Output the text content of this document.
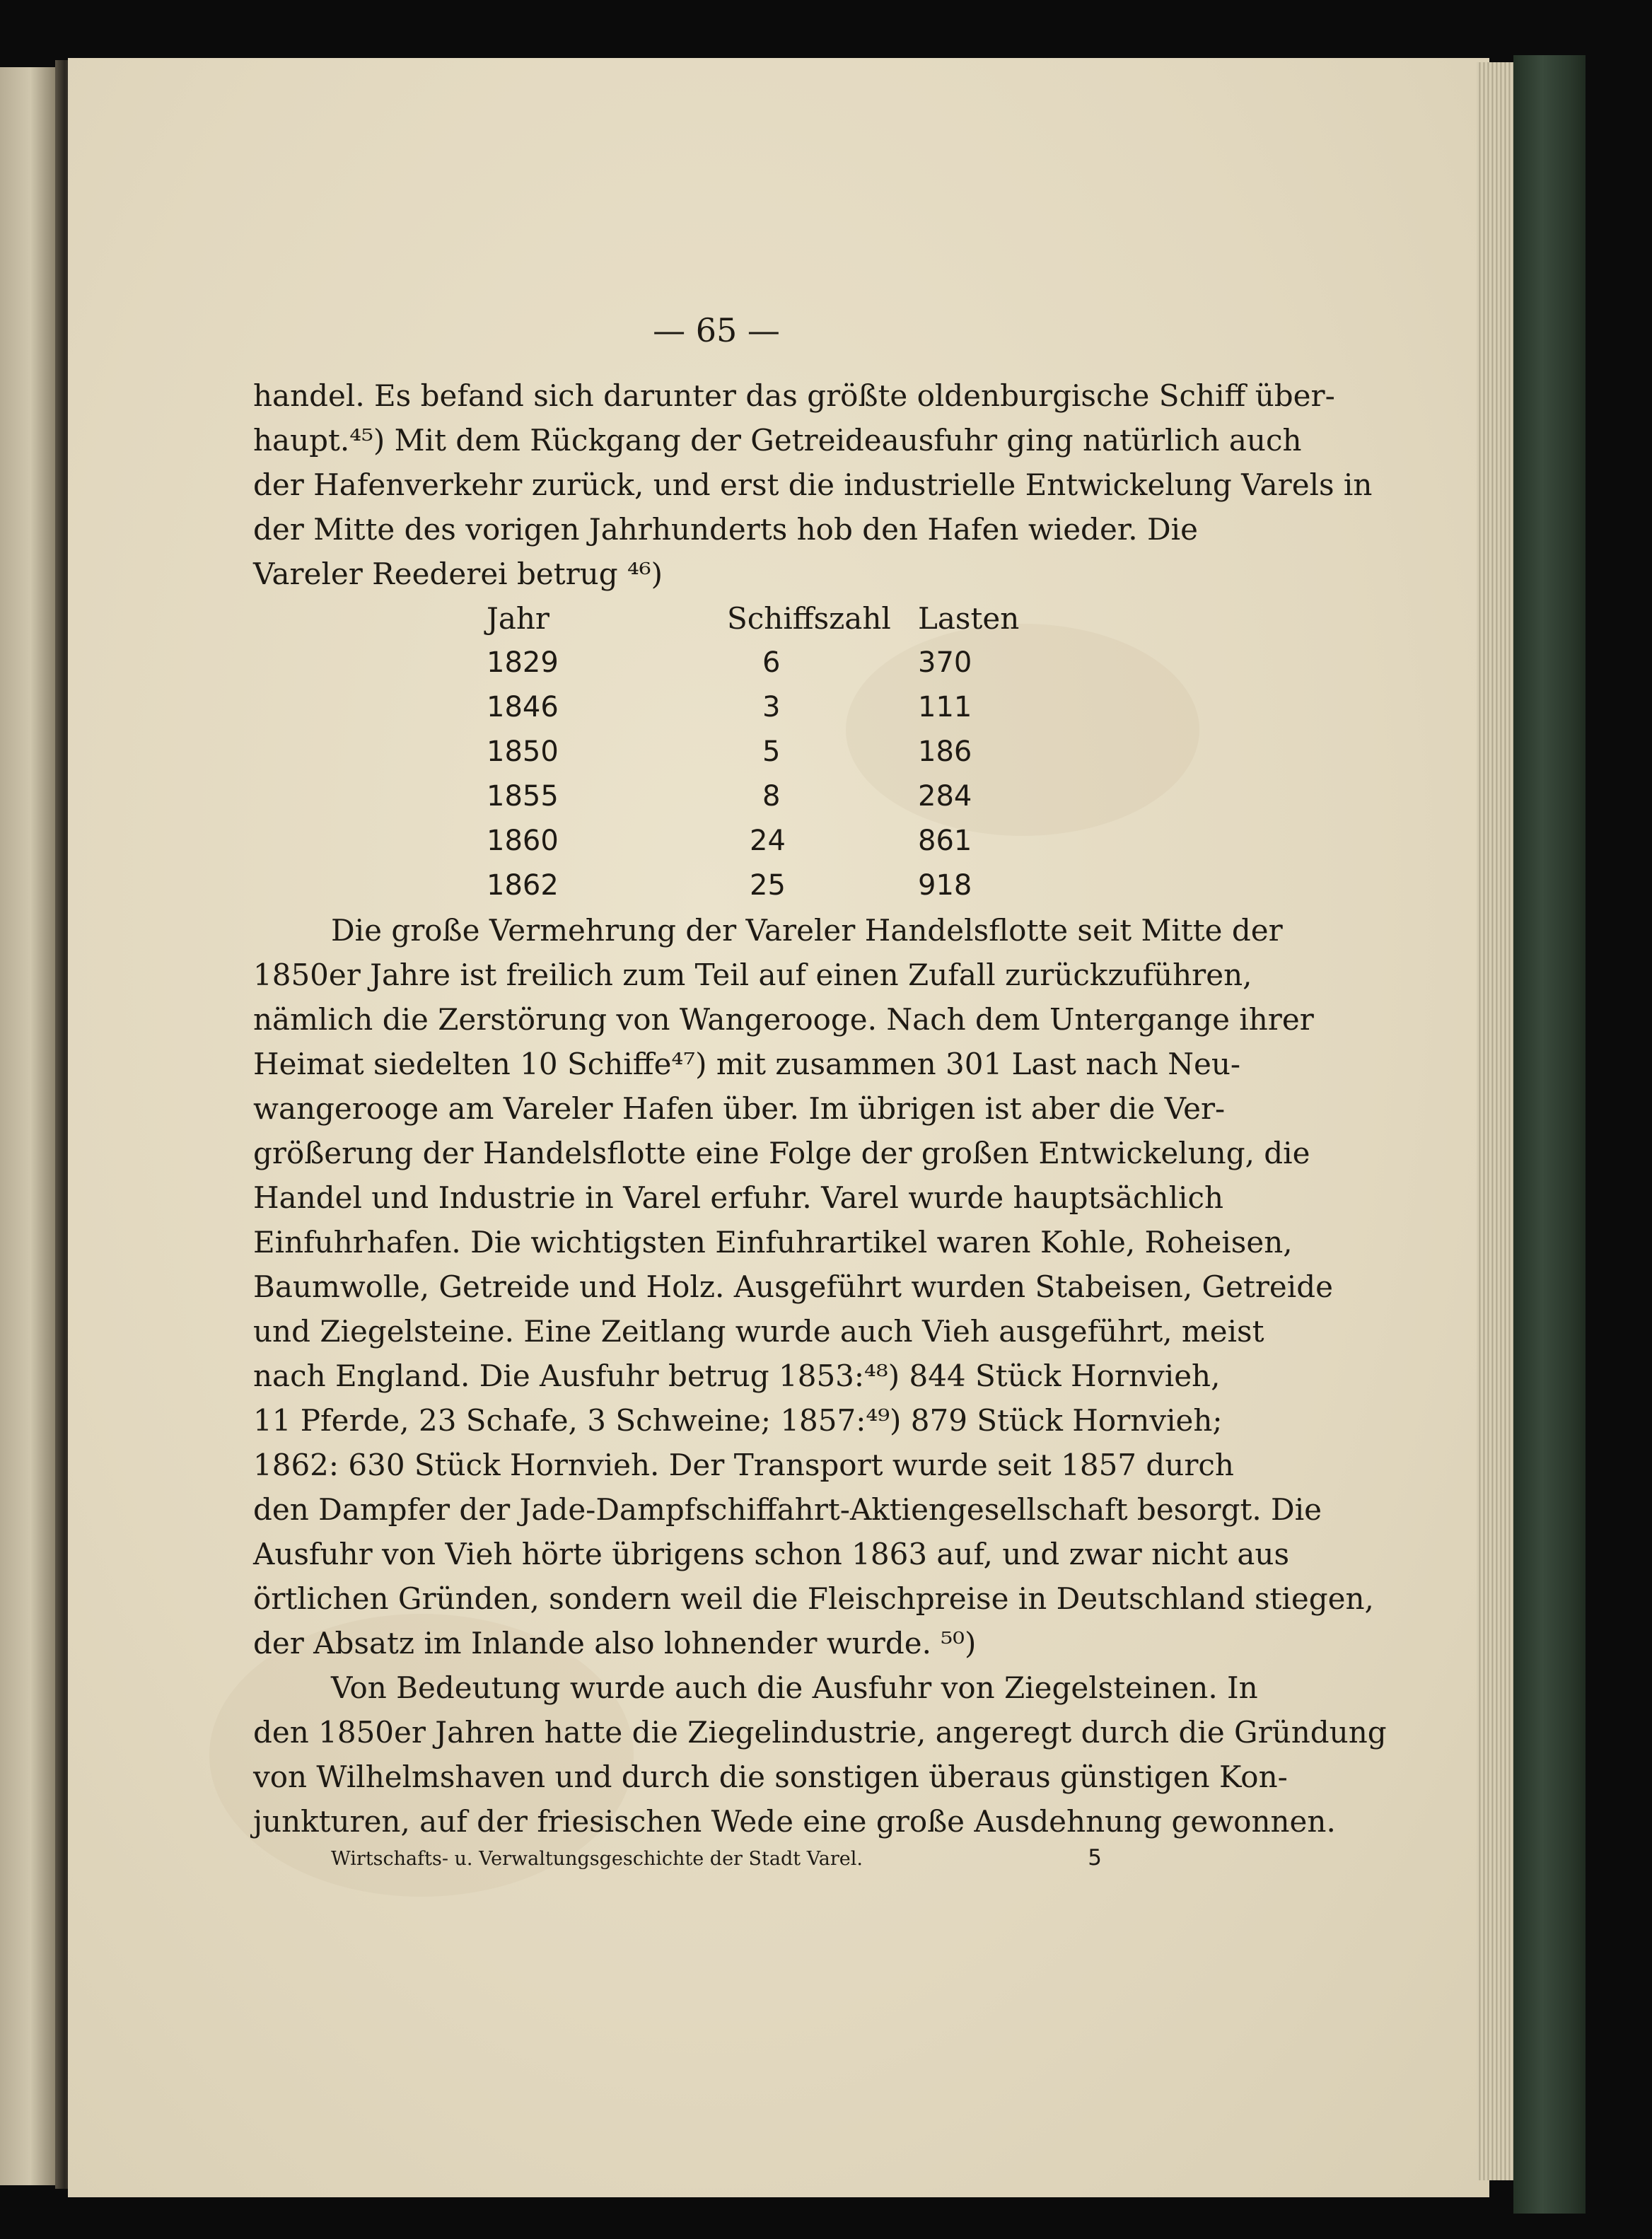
— 65 —
handel. Es befand sich darunter das größte oldenburgische Schiff über-
haupt.⁴⁵) Mit dem Rückgang der Getreideausfuhr ging natürlich auch
der Hafenverkehr zurück, und erst die industrielle Entwickelung Varels in
der Mitte des vorigen Jahrhunderts hob den Hafen wieder. Die
Vareler Reederei betrug ⁴⁶)
Jahr	Schiffszahl Lasten
1829	6	370
1846	3	111
1850	5	186
1855	8	284
1860	24	861
1862	25	918
Die große Vermehrung der Vareler Handelsflotte seit Mitte der
1850er Jahre ist freilich zum Teil auf einen Zufall zurückzuführen,
nämlich die Zerstörung von Wangerooge. Nach dem Untergange ihrer
Heimat siedelten 10 Schiffe⁴⁷) mit zusammen 301 Last nach Neu-
wangerooge am Vareler Hafen über. Im übrigen ist aber die Ver-
größerung der Handelsflotte eine Folge der großen Entwickelung, die
Handel und Industrie in Varel erfuhr. Varel wurde hauptsächlich
Einfuhrhafen. Die wichtigsten Einfuhrartikel waren Kohle, Roheisen,
Baumwolle, Getreide und Holz. Ausgeführt wurden Stabeisen, Getreide
und Ziegelsteine. Eine Zeitlang wurde auch Vieh ausgeführt, meist
nach England. Die Ausfuhr betrug 1853:⁴⁸) 844 Stück Hornvieh,
11 Pferde, 23 Schafe, 3 Schweine; 1857:⁴⁹) 879 Stück Hornvieh;
1862: 630 Stück Hornvieh. Der Transport wurde seit 1857 durch
den Dampfer der Jade-Dampfschiffahrt-Aktiengesellschaft besorgt. Die
Ausfuhr von Vieh hörte übrigens schon 1863 auf, und zwar nicht aus
örtlichen Gründen, sondern weil die Fleischpreise in Deutschland stiegen,
der Absatz im Inlande also lohnender wurde. ⁵⁰)
Von Bedeutung wurde auch die Ausfuhr von Ziegelsteinen. In
den 1850er Jahren hatte die Ziegelindustrie, angeregt durch die Gründung
von Wilhelmshaven und durch die sonstigen überaus günstigen Kon-
junkturen, auf der friesischen Wede eine große Ausdehnung gewonnen.
Wirtschafts- u. Verwaltungsgeschichte der Stadt Varel.	5
